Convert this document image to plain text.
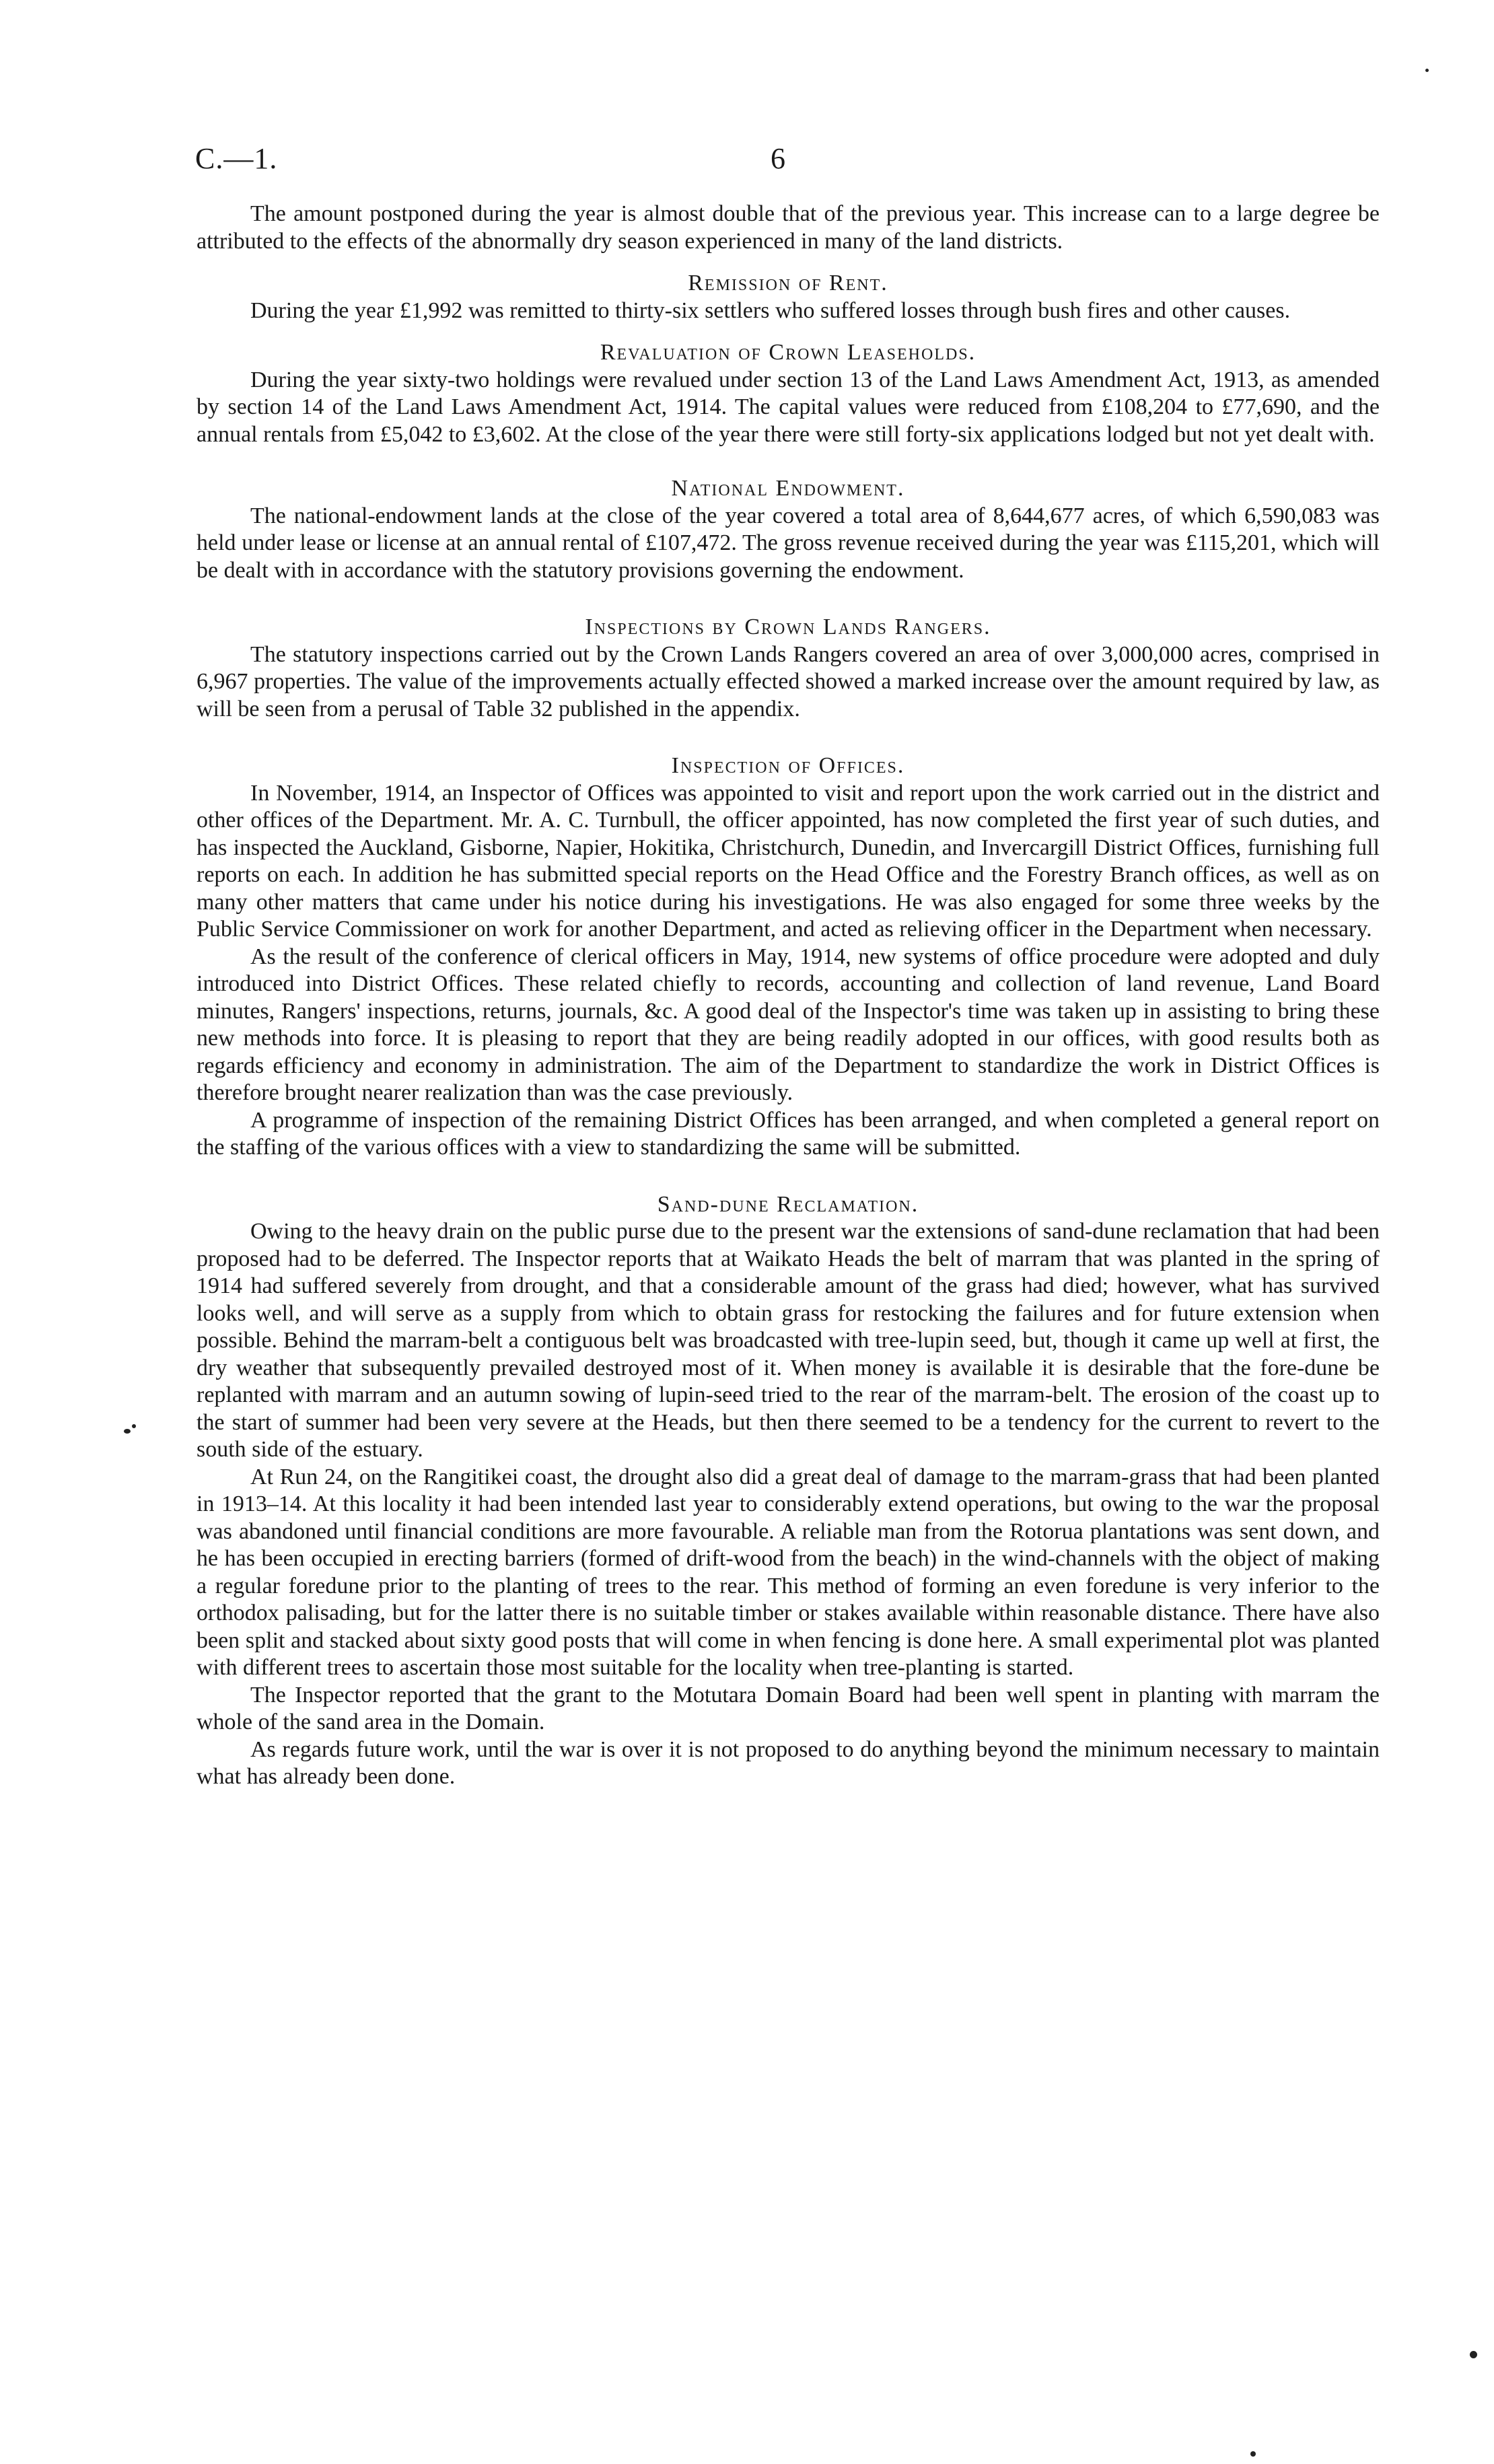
C.—1.	6

The amount postponed during the year is almost double that of the previous year. This increase can to a large degree be attributed to the effects of the abnormally dry season experienced in many of the land districts.

Remission of Rent.

During the year £1,992 was remitted to thirty-six settlers who suffered losses through bush fires and other causes.

Revaluation of Crown Leaseholds.

During the year sixty-two holdings were revalued under section 13 of the Land Laws Amendment Act, 1913, as amended by section 14 of the Land Laws Amendment Act, 1914. The capital values were reduced from £108,204 to £77,690, and the annual rentals from £5,042 to £3,602. At the close of the year there were still forty-six applications lodged but not yet dealt with.

National Endowment.

The national-endowment lands at the close of the year covered a total area of 8,644,677 acres, of which 6,590,083 was held under lease or license at an annual rental of £107,472. The gross revenue received during the year was £115,201, which will be dealt with in accordance with the statutory provisions governing the endowment.

Inspections by Crown Lands Rangers.

The statutory inspections carried out by the Crown Lands Rangers covered an area of over 3,000,000 acres, comprised in 6,967 properties. The value of the improvements actually effected showed a marked increase over the amount required by law, as will be seen from a perusal of Table 32 published in the appendix.

Inspection of Offices.

In November, 1914, an Inspector of Offices was appointed to visit and report upon the work carried out in the district and other offices of the Department. Mr. A. C. Turnbull, the officer appointed, has now completed the first year of such duties, and has inspected the Auckland, Gisborne, Napier, Hokitika, Christchurch, Dunedin, and Invercargill District Offices, furnishing full reports on each. In addition he has submitted special reports on the Head Office and the Forestry Branch offices, as well as on many other matters that came under his notice during his investigations. He was also engaged for some three weeks by the Public Service Commissioner on work for another Department, and acted as relieving officer in the Department when necessary.

As the result of the conference of clerical officers in May, 1914, new systems of office procedure were adopted and duly introduced into District Offices. These related chiefly to records, accounting and collection of land revenue, Land Board minutes, Rangers' inspections, returns, journals, &c. A good deal of the Inspector's time was taken up in assisting to bring these new methods into force. It is pleasing to report that they are being readily adopted in our offices, with good results both as regards efficiency and economy in administration. The aim of the Department to standardize the work in District Offices is therefore brought nearer realization than was the case previously.

A programme of inspection of the remaining District Offices has been arranged, and when completed a general report on the staffing of the various offices with a view to standardizing the same will be submitted.

Sand-dune Reclamation.

Owing to the heavy drain on the public purse due to the present war the extensions of sand-dune reclamation that had been proposed had to be deferred. The Inspector reports that at Waikato Heads the belt of marram that was planted in the spring of 1914 had suffered severely from drought, and that a considerable amount of the grass had died; however, what has survived looks well, and will serve as a supply from which to obtain grass for restocking the failures and for future extension when possible. Behind the marram-belt a contiguous belt was broadcasted with tree-lupin seed, but, though it came up well at first, the dry weather that subsequently prevailed destroyed most of it. When money is available it is desirable that the fore-dune be replanted with marram and an autumn sowing of lupin-seed tried to the rear of the marram-belt. The erosion of the coast up to the start of summer had been very severe at the Heads, but then there seemed to be a tendency for the current to revert to the south side of the estuary.

At Run 24, on the Rangitikei coast, the drought also did a great deal of damage to the marram-grass that had been planted in 1913–14. At this locality it had been intended last year to considerably extend operations, but owing to the war the proposal was abandoned until financial conditions are more favourable. A reliable man from the Rotorua plantations was sent down, and he has been occupied in erecting barriers (formed of drift-wood from the beach) in the wind-channels with the object of making a regular foredune prior to the planting of trees to the rear. This method of forming an even foredune is very inferior to the orthodox palisading, but for the latter there is no suitable timber or stakes available within reasonable distance. There have also been split and stacked about sixty good posts that will come in when fencing is done here. A small experimental plot was planted with different trees to ascertain those most suitable for the locality when tree-planting is started.

The Inspector reported that the grant to the Motutara Domain Board had been well spent in planting with marram the whole of the sand area in the Domain.

As regards future work, until the war is over it is not proposed to do anything beyond the minimum necessary to maintain what has already been done.
